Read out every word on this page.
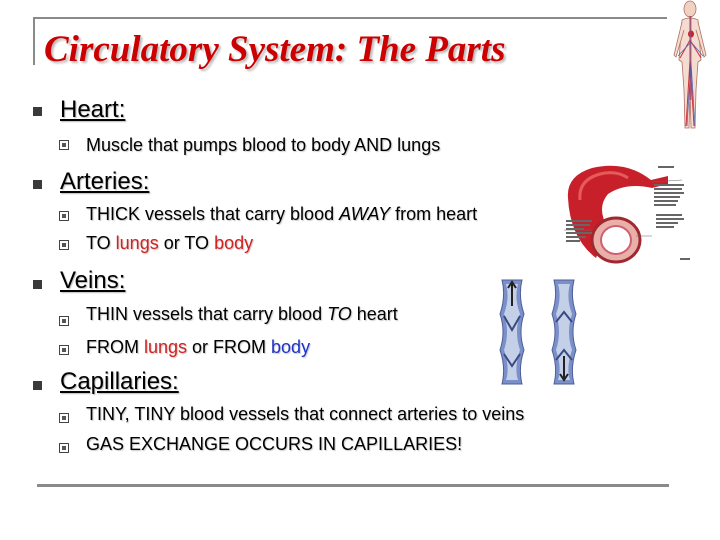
Circulatory System: The Parts
Heart:
Muscle that pumps blood to body AND lungs
Arteries:
THICK vessels that carry blood AWAY from heart
TO lungs or TO body
Veins:
THIN vessels that carry blood TO heart
FROM lungs or FROM body
Capillaries:
TINY, TINY blood vessels that connect arteries to veins
GAS EXCHANGE OCCURS IN CAPILLARIES!
